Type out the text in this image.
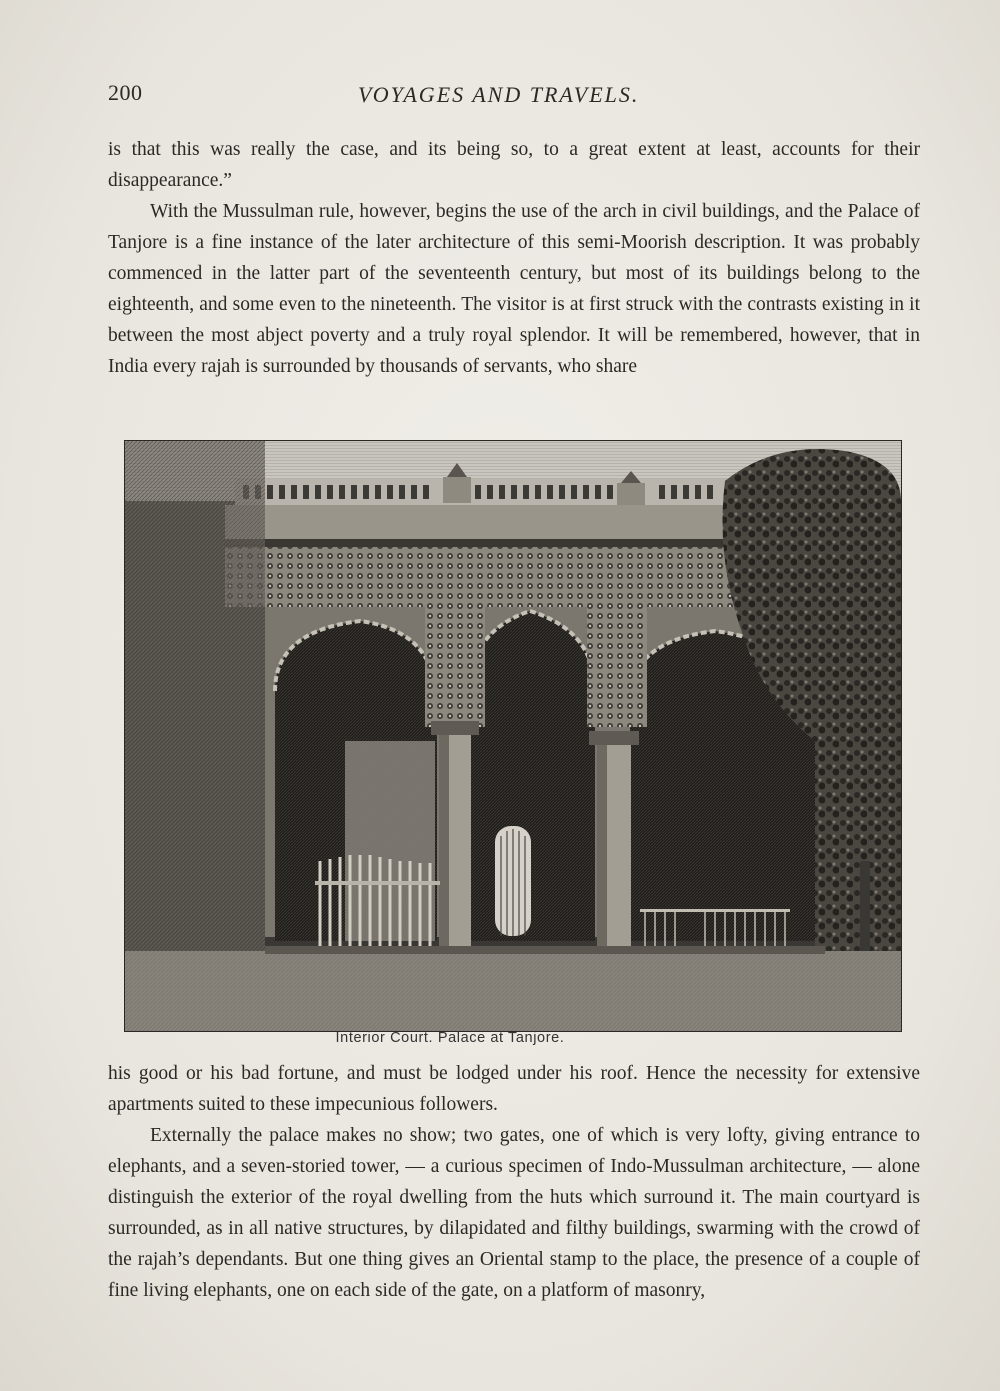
200	VOYAGES AND TRAVELS.

is that this was really the case, and its being so, to a great extent at least, accounts for their disappearance.”

With the Mussulman rule, however, begins the use of the arch in civil buildings, and the Palace of Tanjore is a fine instance of the later architecture of this semi-Moorish description. It was probably commenced in the latter part of the seventeenth century, but most of its buildings belong to the eighteenth, and some even to the nineteenth. The visitor is at first struck with the contrasts existing in it between the most abject poverty and a truly royal splendor. It will be remembered, however, that in India every rajah is surrounded by thousands of servants, who share

Interior Court. Palace at Tanjore.

his good or his bad fortune, and must be lodged under his roof. Hence the necessity for extensive apartments suited to these impecunious followers.

Externally the palace makes no show; two gates, one of which is very lofty, giving entrance to elephants, and a seven-storied tower, — a curious specimen of Indo-Mussulman architecture, — alone distinguish the exterior of the royal dwelling from the huts which surround it. The main courtyard is surrounded, as in all native structures, by dilapidated and filthy buildings, swarming with the crowd of the rajah’s dependants. But one thing gives an Oriental stamp to the place, the presence of a couple of fine living elephants, one on each side of the gate, on a platform of masonry,
